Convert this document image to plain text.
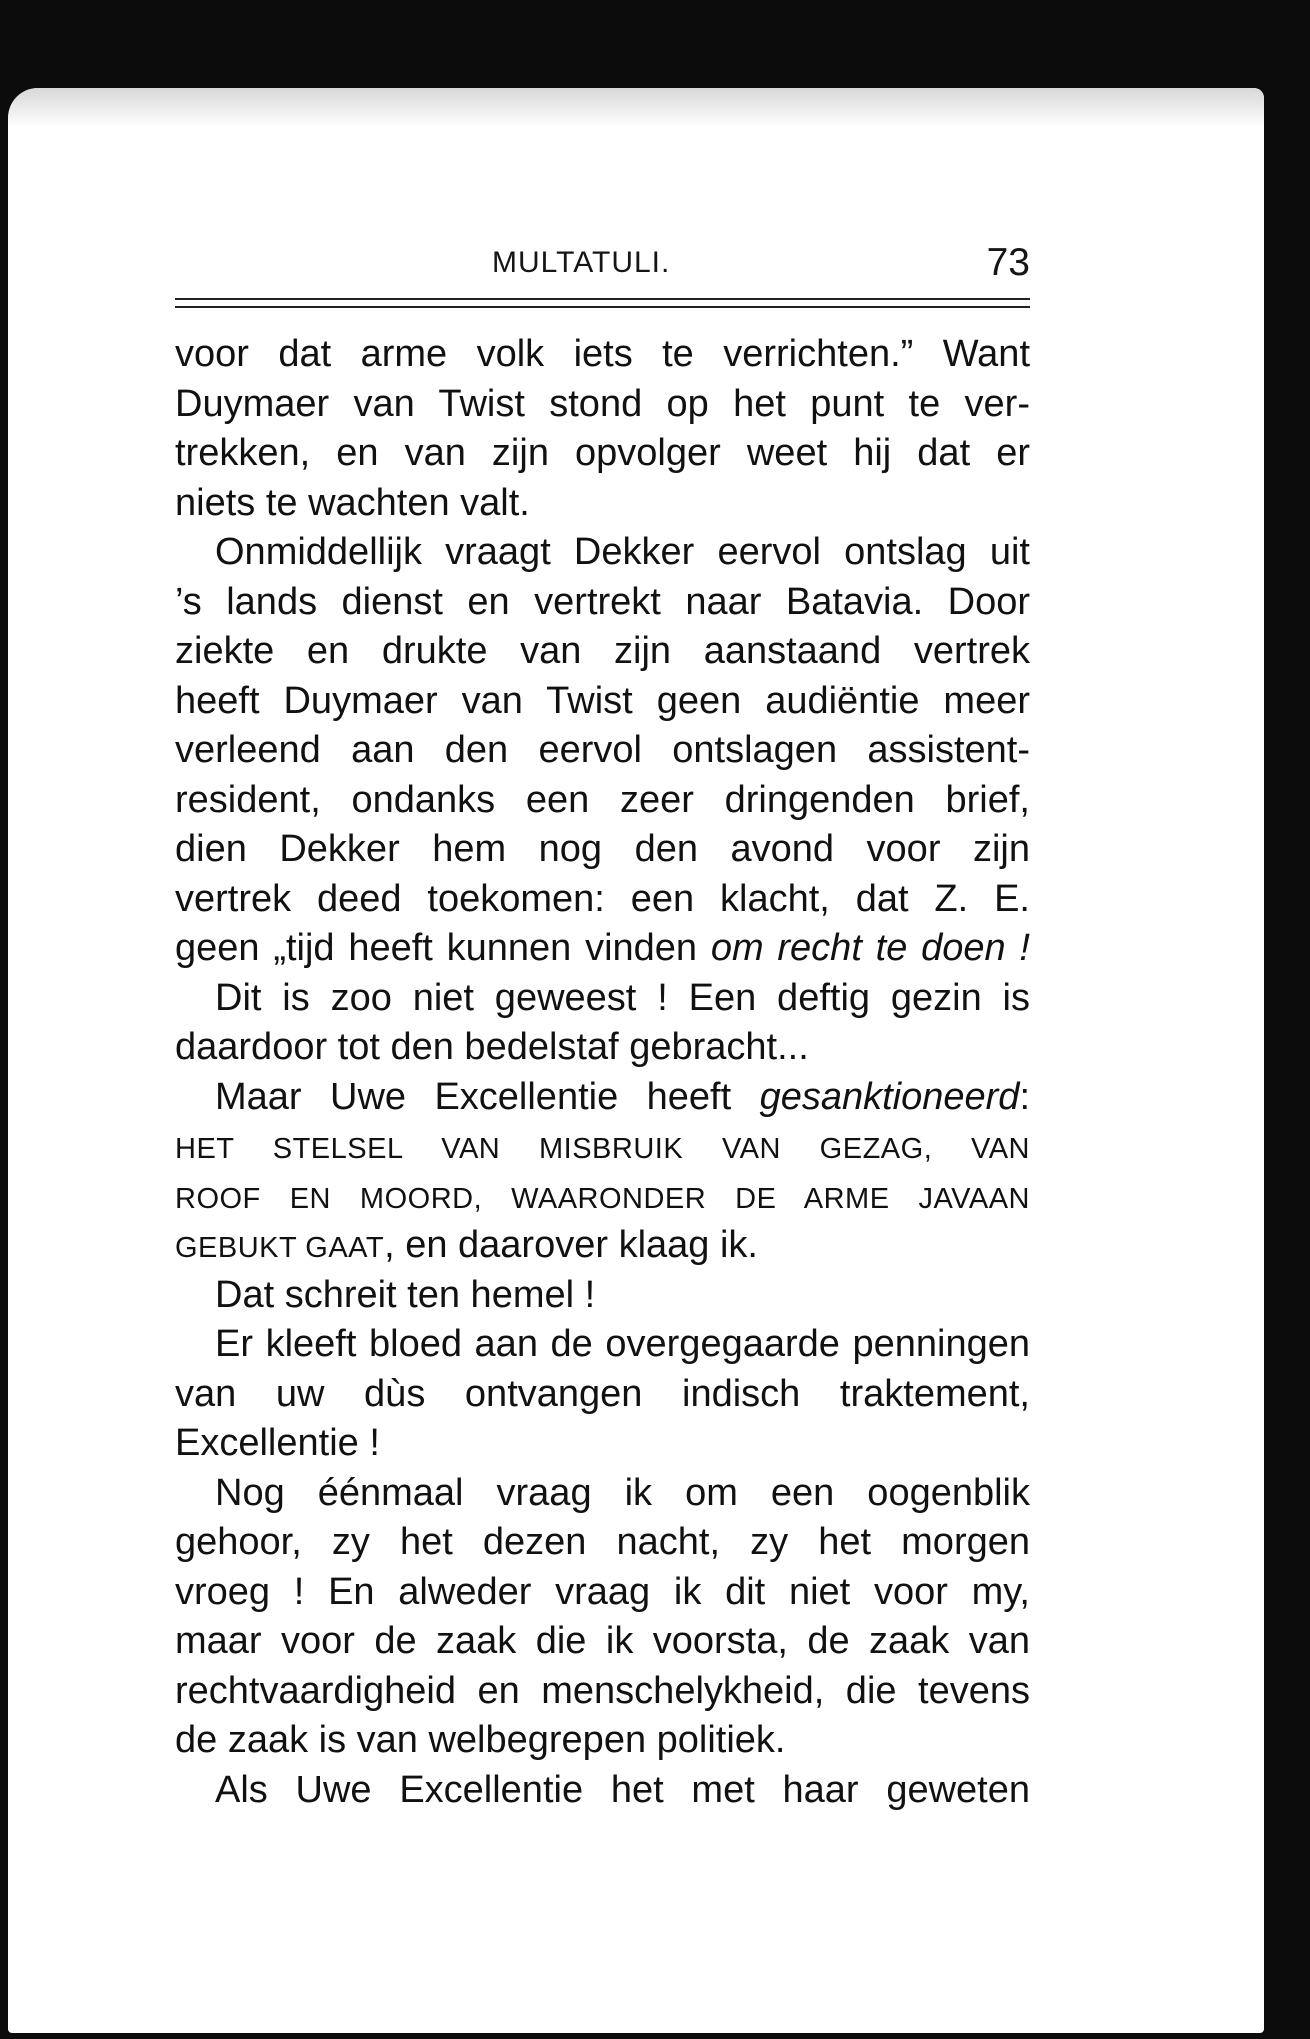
MULTATULI.	73
voor dat arme volk iets te verrichten.” Want
Duymaer van Twist stond op het punt te ver-
trekken, en van zijn opvolger weet hij dat er
niets te wachten valt.
Onmiddellijk vraagt Dekker eervol ontslag uit
’s lands dienst en vertrekt naar Batavia. Door
ziekte en drukte van zijn aanstaand vertrek
heeft Duymaer van Twist geen audiëntie meer
verleend aan den eervol ontslagen assistent-
resident, ondanks een zeer dringenden brief,
dien Dekker hem nog den avond voor zijn
vertrek deed toekomen: een klacht, dat Z. E.
geen „tijd heeft kunnen vinden om recht te doen !
Dit is zoo niet geweest ! Een deftig gezin is
daardoor tot den bedelstaf gebracht...
Maar Uwe Excellentie heeft gesanktioneerd:
HET STELSEL VAN MISBRUIK VAN GEZAG, VAN
ROOF EN MOORD, WAARONDER DE ARME JAVAAN
GEBUKT GAAT, en daarover klaag ik.
Dat schreit ten hemel !
Er kleeft bloed aan de overgegaarde penningen
van uw dùs ontvangen indisch traktement,
Excellentie !
Nog éénmaal vraag ik om een oogenblik
gehoor, zy het dezen nacht, zy het morgen
vroeg ! En alweder vraag ik dit niet voor my,
maar voor de zaak die ik voorsta, de zaak van
rechtvaardigheid en menschelykheid, die tevens
de zaak is van welbegrepen politiek.
Als Uwe Excellentie het met haar geweten
